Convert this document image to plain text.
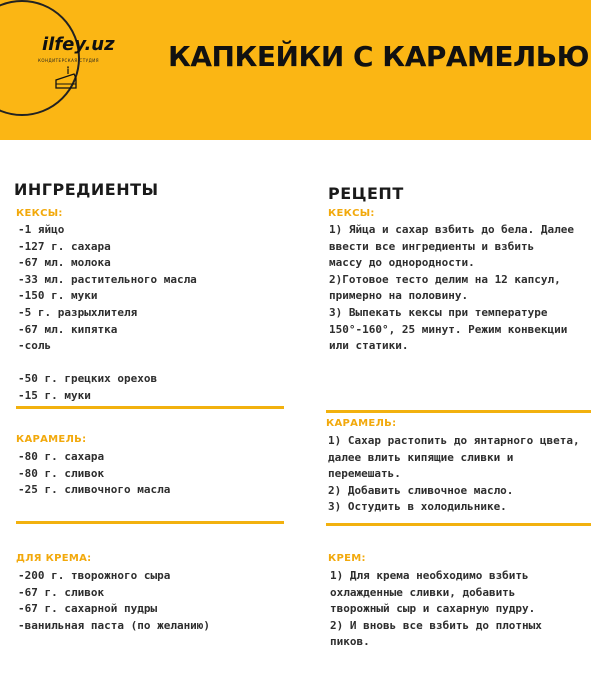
ilfey.uz
КОНДИТЕРСКАЯ СТУДИЯ КАПКЕЙКИ С КАРАМЕЛЬЮ
ИНГРЕДИЕНТЫ
КЕКСЫ:
-1 яйцо
-127 г. сахара
-67 мл. молока
-33 мл. растительного масла
-150 г. муки
-5 г. разрыхлителя
-67 мл. кипятка
-соль
-50 г. грецких орехов
-15 г. муки
КАРАМЕЛЬ:
-80 г. сахара
-80 г. сливок
-25 г. сливочного масла
ДЛЯ КРЕМА:
-200 г. творожного сыра
-67 г. сливок
-67 г. сахарной пудры
-ванильная паста (по желанию)
РЕЦЕПТ
КЕКСЫ:
1) Яйца и сахар взбить до бела. Далее
ввести все ингредиенты и взбить
массу до однородности.
2)Готовое тесто делим на 12 капсул,
примерно на половину.
3) Выпекать кексы при температуре
150°-160°, 25 минут. Режим конвекции
или статики.
КАРАМЕЛЬ:
1) Сахар растопить до янтарного цвета,
далее влить кипящие сливки и
перемешать.
2) Добавить сливочное масло.
3) Остудить в холодильнике.
КРЕМ:
1) Для крема необходимо взбить
охлажденные сливки, добавить
творожный сыр и сахарную пудру.
2) И вновь все взбить до плотных
пиков.
